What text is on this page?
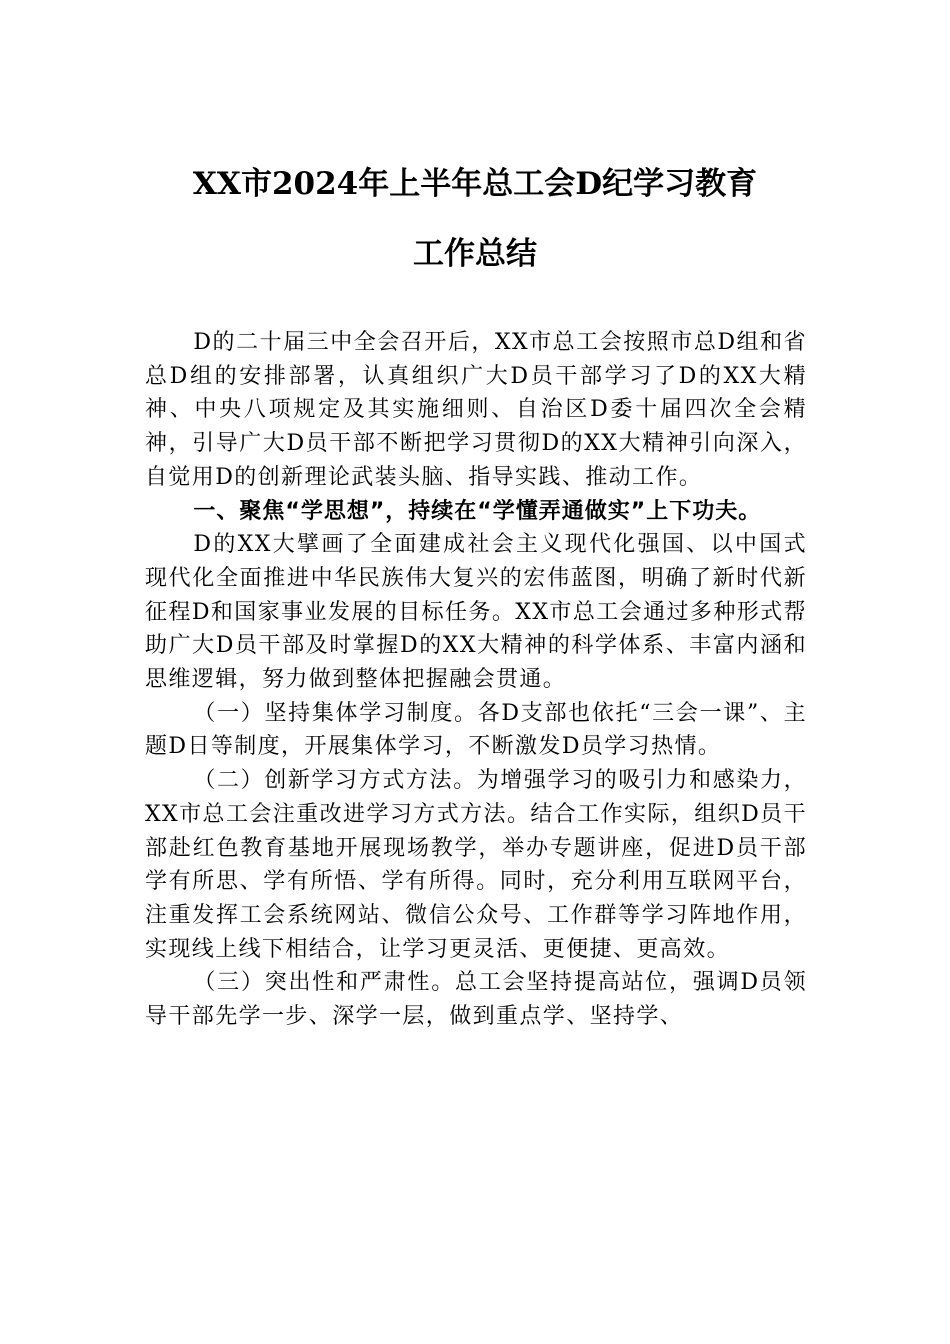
XX市2024年上半年总工会D纪学习教育
工作总结

D的二十届三中全会召开后，XX市总工会按照市总D组和省总D组的安排部署，认真组织广大D员干部学习了D的XX大精神、中央八项规定及其实施细则、自治区D委十届四次全会精神，引导广大D员干部不断把学习贯彻D的XX大精神引向深入，自觉用D的创新理论武装头脑、指导实践、推动工作。

一、聚焦“学思想”，持续在“学懂弄通做实”上下功夫。

D的XX大擘画了全面建成社会主义现代化强国、以中国式现代化全面推进中华民族伟大复兴的宏伟蓝图，明确了新时代新征程D和国家事业发展的目标任务。XX市总工会通过多种形式帮助广大D员干部及时掌握D的XX大精神的科学体系、丰富内涵和思维逻辑，努力做到整体把握融会贯通。

（一）坚持集体学习制度。各D支部也依托“三会一课”、主题D日等制度，开展集体学习，不断激发D员学习热情。

（二）创新学习方式方法。为增强学习的吸引力和感染力，XX市总工会注重改进学习方式方法。结合工作实际，组织D员干部赴红色教育基地开展现场教学，举办专题讲座，促进D员干部学有所思、学有所悟、学有所得。同时，充分利用互联网平台，注重发挥工会系统网站、微信公众号、工作群等学习阵地作用，实现线上线下相结合，让学习更灵活、更便捷、更高效。

（三）突出性和严肃性。总工会坚持提高站位，强调D员领导干部先学一步、深学一层，做到重点学、坚持学、
